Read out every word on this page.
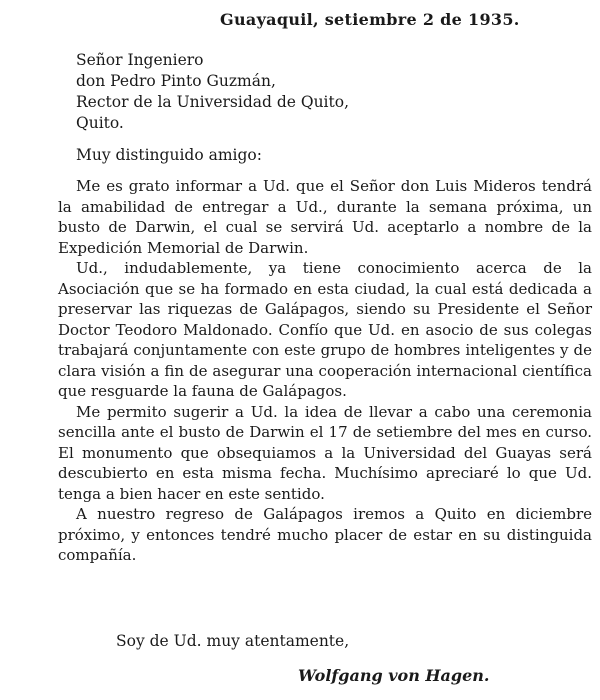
Guayaquil, setiembre 2 de 1935.
Señor Ingeniero
don Pedro Pinto Guzmán,
Rector de la Universidad de Quito,
Quito.
Muy distinguido amigo:

Me es grato informar a Ud. que el Señor don Luis Mideros tendrá la amabilidad de entregar a Ud., durante la semana próxima, un busto de Darwin, el cual se servirá Ud. aceptarlo a nombre de la Expedición Memorial de Darwin.

Ud., indudablemente, ya tiene conocimiento acerca de la Asociación que se ha formado en esta ciudad, la cual está dedicada a preservar las riquezas de Galápagos, siendo su Presidente el Señor Doctor Teodoro Maldonado. Confío que Ud. en asocio de sus colegas trabajará conjuntamente con este grupo de hombres inteligentes y de clara visión a fin de asegurar una cooperación internacional científica que resguarde la fauna de Galápagos.

Me permito sugerir a Ud. la idea de llevar a cabo una ceremonia sencilla ante el busto de Darwin el 17 de setiembre del mes en curso. El monumento que obsequiamos a la Universidad del Guayas será descubierto en esta misma fecha. Muchísimo apreciaré lo que Ud. tenga a bien hacer en este sentido.

A nuestro regreso de Galápagos iremos a Quito en diciembre próximo, y entonces tendré mucho placer de estar en su distinguida compañía.

Soy de Ud. muy atentamente,
Wolfgang von Hagen.
